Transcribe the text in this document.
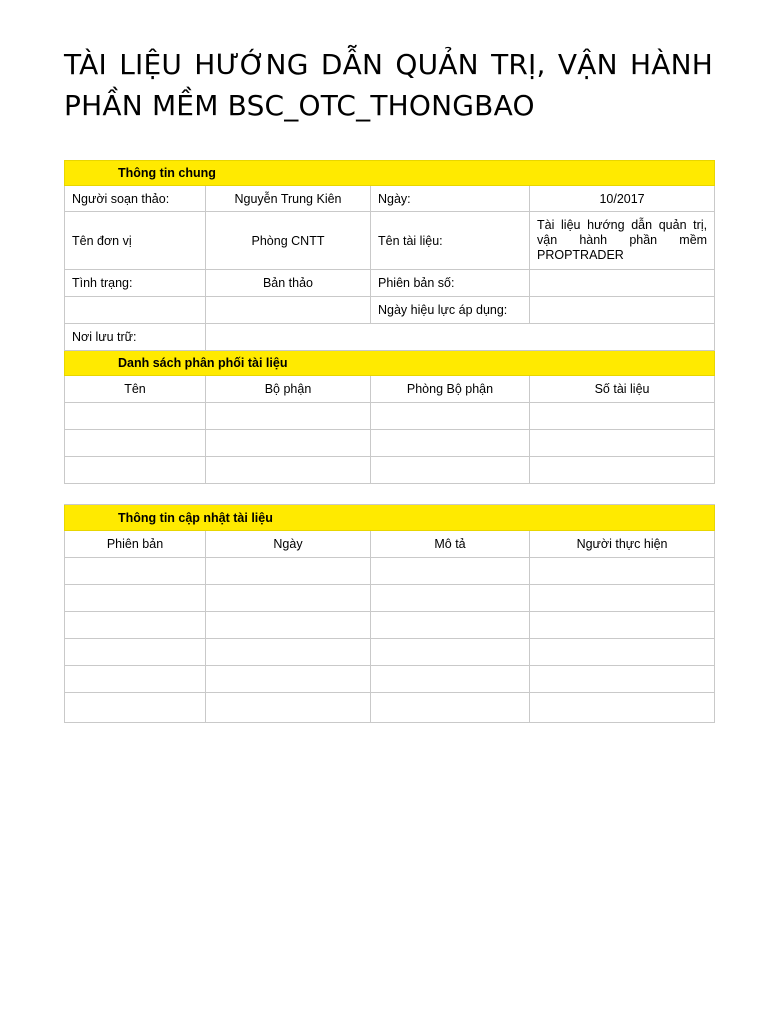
TÀI LIỆU HƯỚNG DẪN QUẢN TRỊ, VẬN HÀNH
PHẦN MỀM BSC_OTC_THONGBAO
Thông tin chung			
Người soạn thảo:	Nguyễn Trung Kiên	Ngày:	10/2017
Tên đơn vị	Phòng CNTT	Tên tài liệu:	Tài liệu hướng dẫn quản trị, vận hành phần mềm PROPTRADER
Tình trạng:	Bản thảo	Phiên bản số:	
		Ngày hiệu lực áp dụng:	
Nơi lưu trữ:			
Danh sách phân phối tài liệu			
Tên	Bộ phận	Phòng Bộ phận	Số tài liệu

Thông tin cập nhật tài liệu			
Phiên bản	Ngày	Mô tả	Người thực hiện
